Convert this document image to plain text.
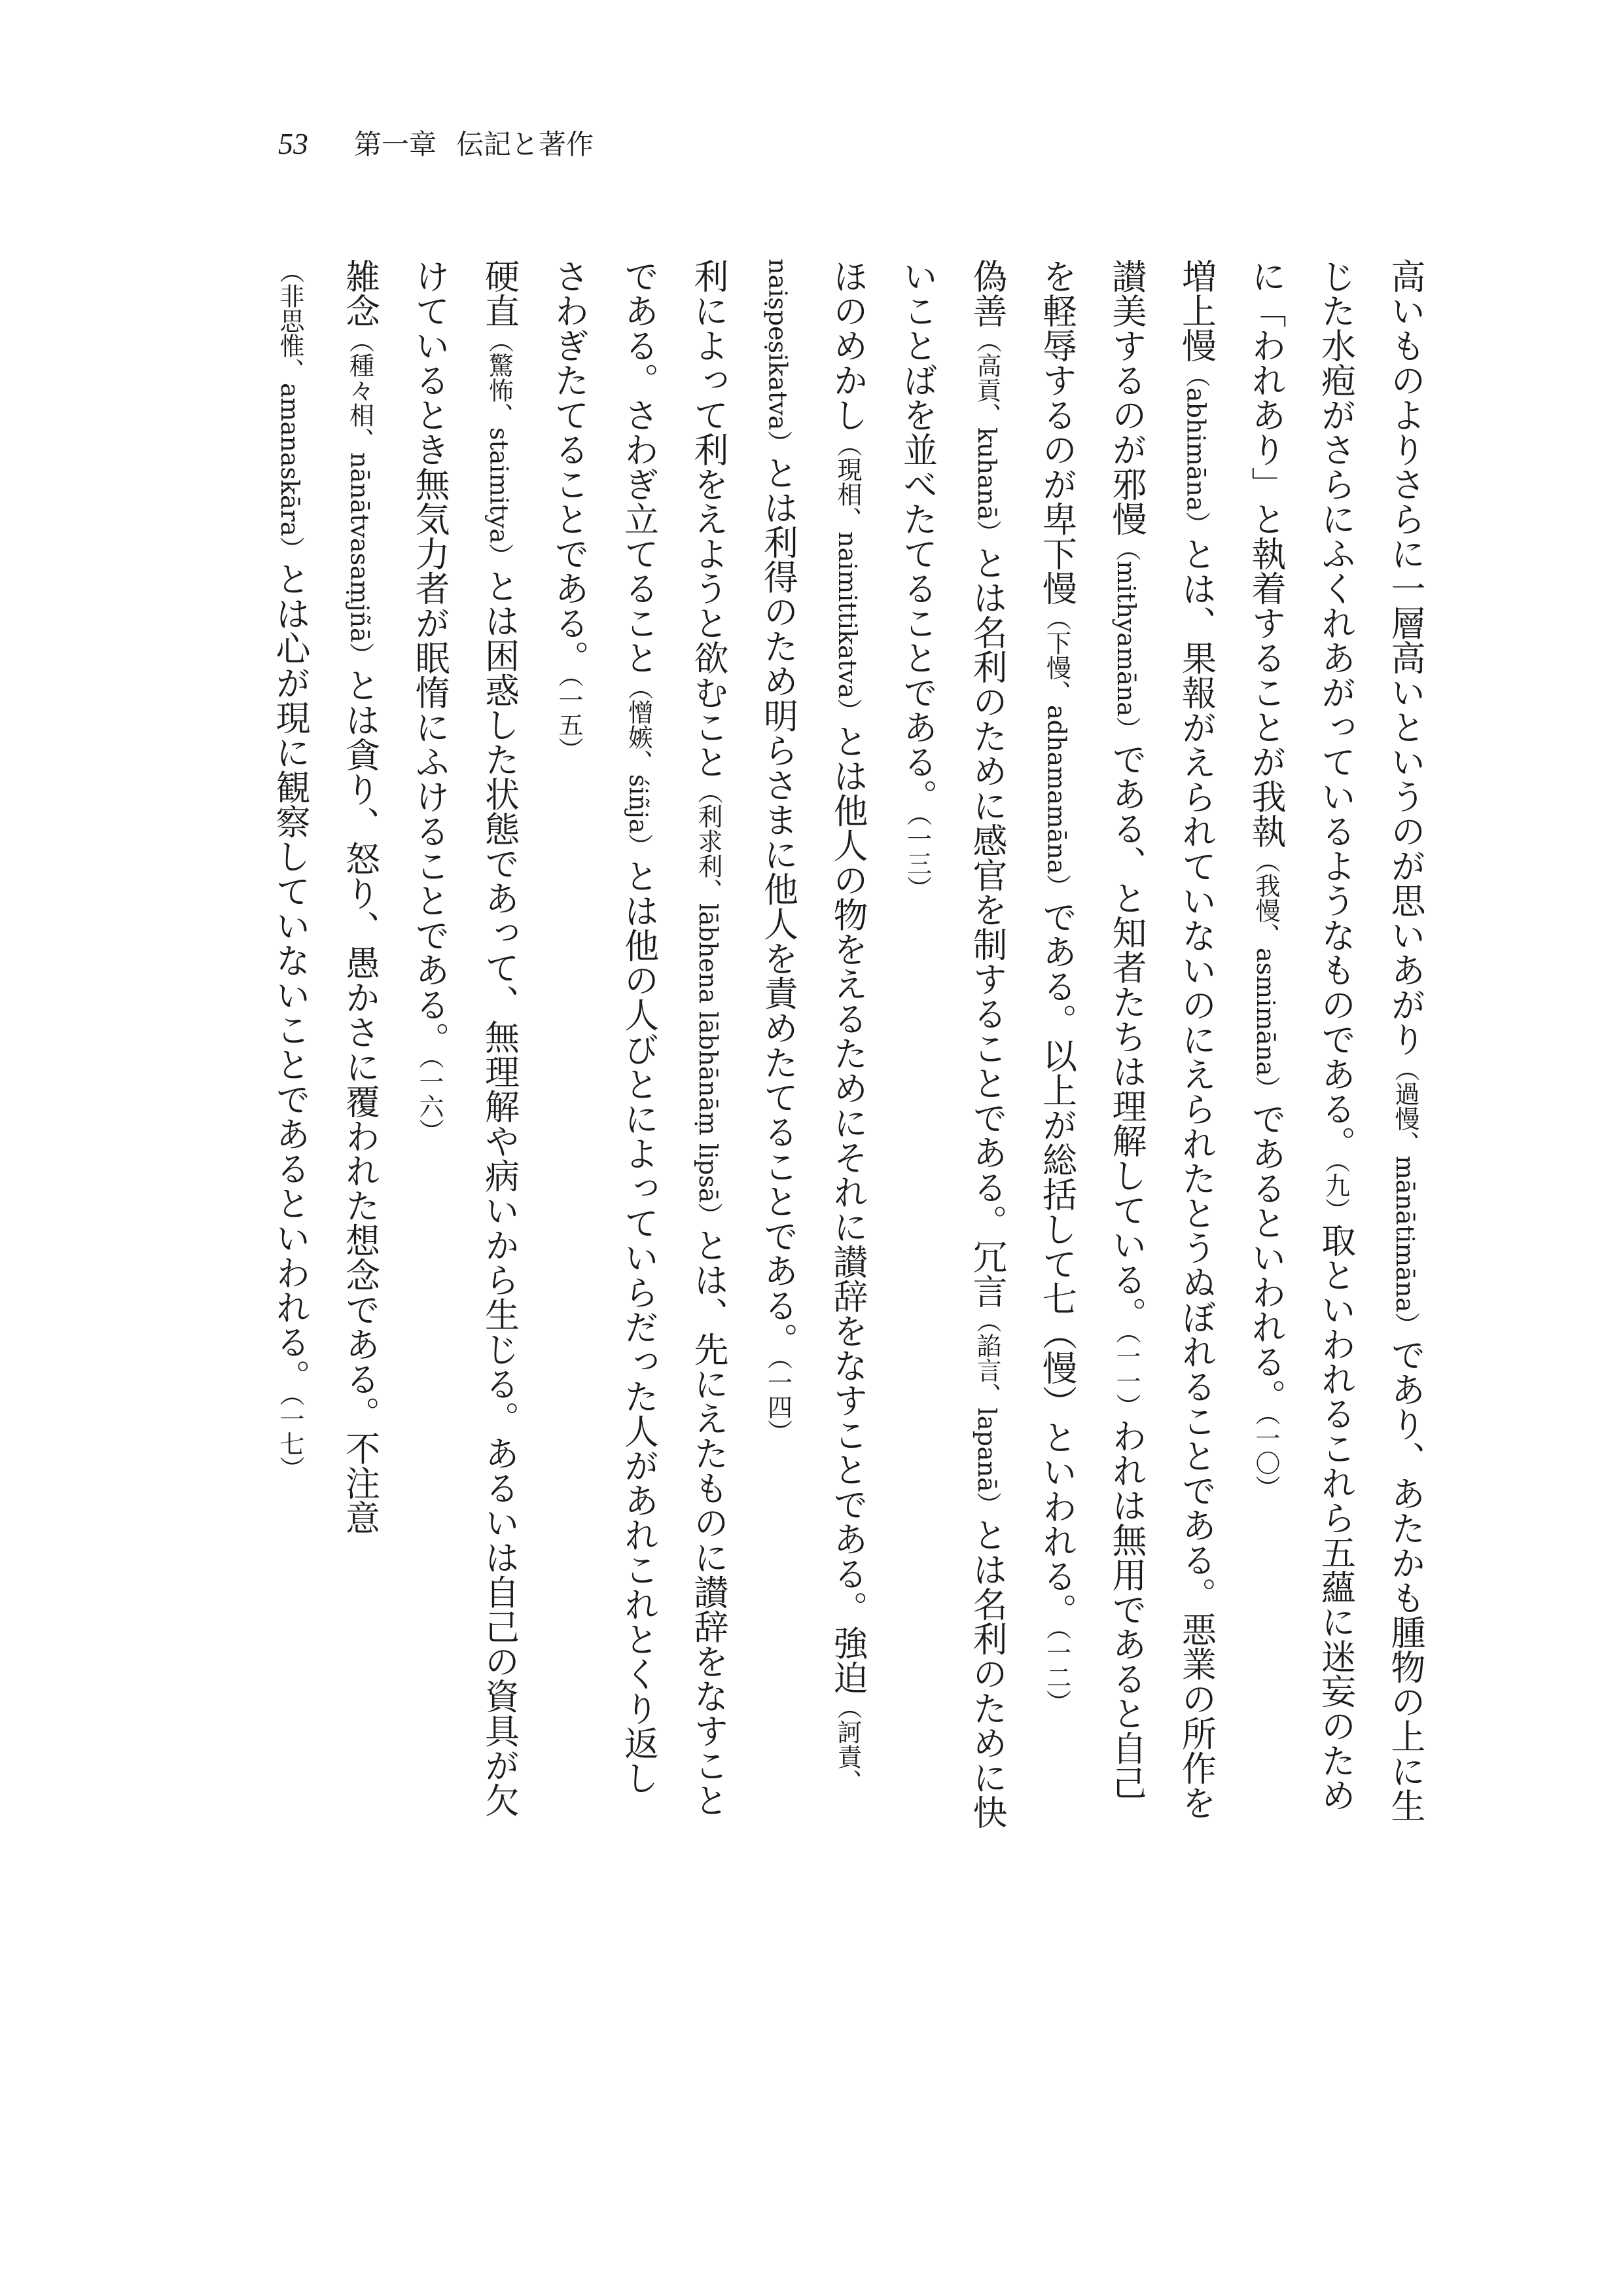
53 第一章 伝記と著作

高いものよりさらに一層高いというのが思いあがり（過慢、mānātimāna）であり、あたかも腫物の上に生じた水疱がさらにふくれあがっているようなものである。（九）取といわれるこれら五蘊に迷妄のために「われあり」と執着することが我執（我慢、asmimāna）であるといわれる。（一〇）

増上慢（abhimāna）とは、果報がえられていないのにえられたとうぬぼれることである。悪業の所作を讃美するのが邪慢（mithyamāna）である、と知者たちは理解している。（一一）われは無用であると自己を軽辱するのが卑下慢（下慢、adhamamāna）である。以上が総括して七（慢）といわれる。（一二）

偽善（高貢、kuhanā）とは名利のために感官を制することである。冗言（諂言、lapanā）とは名利のために快いことばを並べたてることである。（一三）

ほのめかし（現相、naimittikatva）とは他人の物をえるためにそれに讃辞をなすことである。強迫（訶責、naiṣpeṣikatva）とは利得のため明らさまに他人を責めたてることである。（一四）

利によって利をえようと欲むこと（利求利、lābhena lābhānāṃ lipsā）とは、先にえたものに讃辞をなすことである。さわぎ立てること（憎嫉、śiñja）とは他の人びとによっていらだった人があれこれとくり返しさわぎたてることである。（一五）

硬直（驚怖、staimitya）とは困惑した状態であって、無理解や病いから生じる。あるいは自己の資具が欠けているとき無気力者が眠惰にふけることである。（一六）

雑念（種々相、nānātvasaṃjñā）とは貪り、怒り、愚かさに覆われた想念である。不注意（非思惟、amanaskāra）とは心が現に観察していないことであるといわれる。（一七）
